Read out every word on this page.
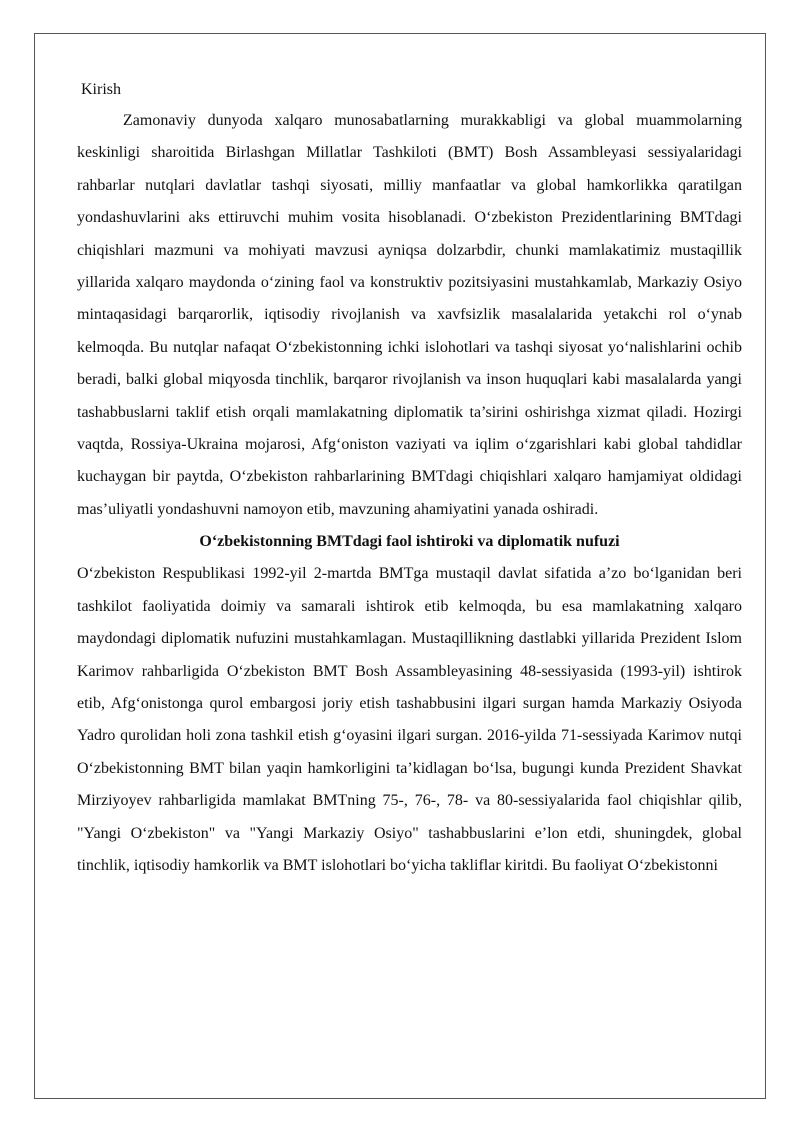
Kirish

Zamonaviy dunyoda xalqaro munosabatlarning murakkabligi va global muammolarning keskinligi sharoitida Birlashgan Millatlar Tashkiloti (BMT) Bosh Assambleyasi sessiyalaridagi rahbarlar nutqlari davlatlar tashqi siyosati, milliy manfaatlar va global hamkorlikka qaratilgan yondashuvlarini aks ettiruvchi muhim vosita hisoblanadi. O‘zbekiston Prezidentlarining BMTdagi chiqishlari mazmuni va mohiyati mavzusi ayniqsa dolzarbdir, chunki mamlakatimiz mustaqillik yillarida xalqaro maydonda o‘zining faol va konstruktiv pozitsiyasini mustahkamlab, Markaziy Osiyo mintaqasidagi barqarorlik, iqtisodiy rivojlanish va xavfsizlik masalalarida yetakchi rol o‘ynab kelmoqda. Bu nutqlar nafaqat O‘zbekistonning ichki islohotlari va tashqi siyosat yo‘nalishlarini ochib beradi, balki global miqyosda tinchlik, barqaror rivojlanish va inson huquqlari kabi masalalarda yangi tashabbuslarni taklif etish orqali mamlakatning diplomatik ta’sirini oshirishga xizmat qiladi. Hozirgi vaqtda, Rossiya-Ukraina mojarosi, Afg‘oniston vaziyati va iqlim o‘zgarishlari kabi global tahdidlar kuchaygan bir paytda, O‘zbekiston rahbarlarining BMTdagi chiqishlari xalqaro hamjamiyat oldidagi mas’uliyatli yondashuvni namoyon etib, mavzuning ahamiyatini yanada oshiradi.

O‘zbekistonning BMTdagi faol ishtiroki va diplomatik nufuzi

O‘zbekiston Respublikasi 1992-yil 2-martda BMTga mustaqil davlat sifatida a’zo bo‘lganidan beri tashkilot faoliyatida doimiy va samarali ishtirok etib kelmoqda, bu esa mamlakatning xalqaro maydondagi diplomatik nufuzini mustahkamlagan. Mustaqillikning dastlabki yillarida Prezident Islom Karimov rahbarligida O‘zbekiston BMT Bosh Assambleyasining 48-sessiyasida (1993-yil) ishtirok etib, Afg‘onistonga qurol embargosi joriy etish tashabbusini ilgari surgan hamda Markaziy Osiyoda Yadro qurolidan holi zona tashkil etish g‘oyasini ilgari surgan. 2016-yilda 71-sessiyada Karimov nutqi O‘zbekistonning BMT bilan yaqin hamkorligini ta’kidlagan bo‘lsa, bugungi kunda Prezident Shavkat Mirziyoyev rahbarligida mamlakat BMTning 75-, 76-, 78- va 80-sessiyalarida faol chiqishlar qilib, "Yangi O‘zbekiston" va "Yangi Markaziy Osiyo" tashabbuslarini e’lon etdi, shuningdek, global tinchlik, iqtisodiy hamkorlik va BMT islohotlari bo‘yicha takliflar kiritdi. Bu faoliyat O‘zbekistonni
